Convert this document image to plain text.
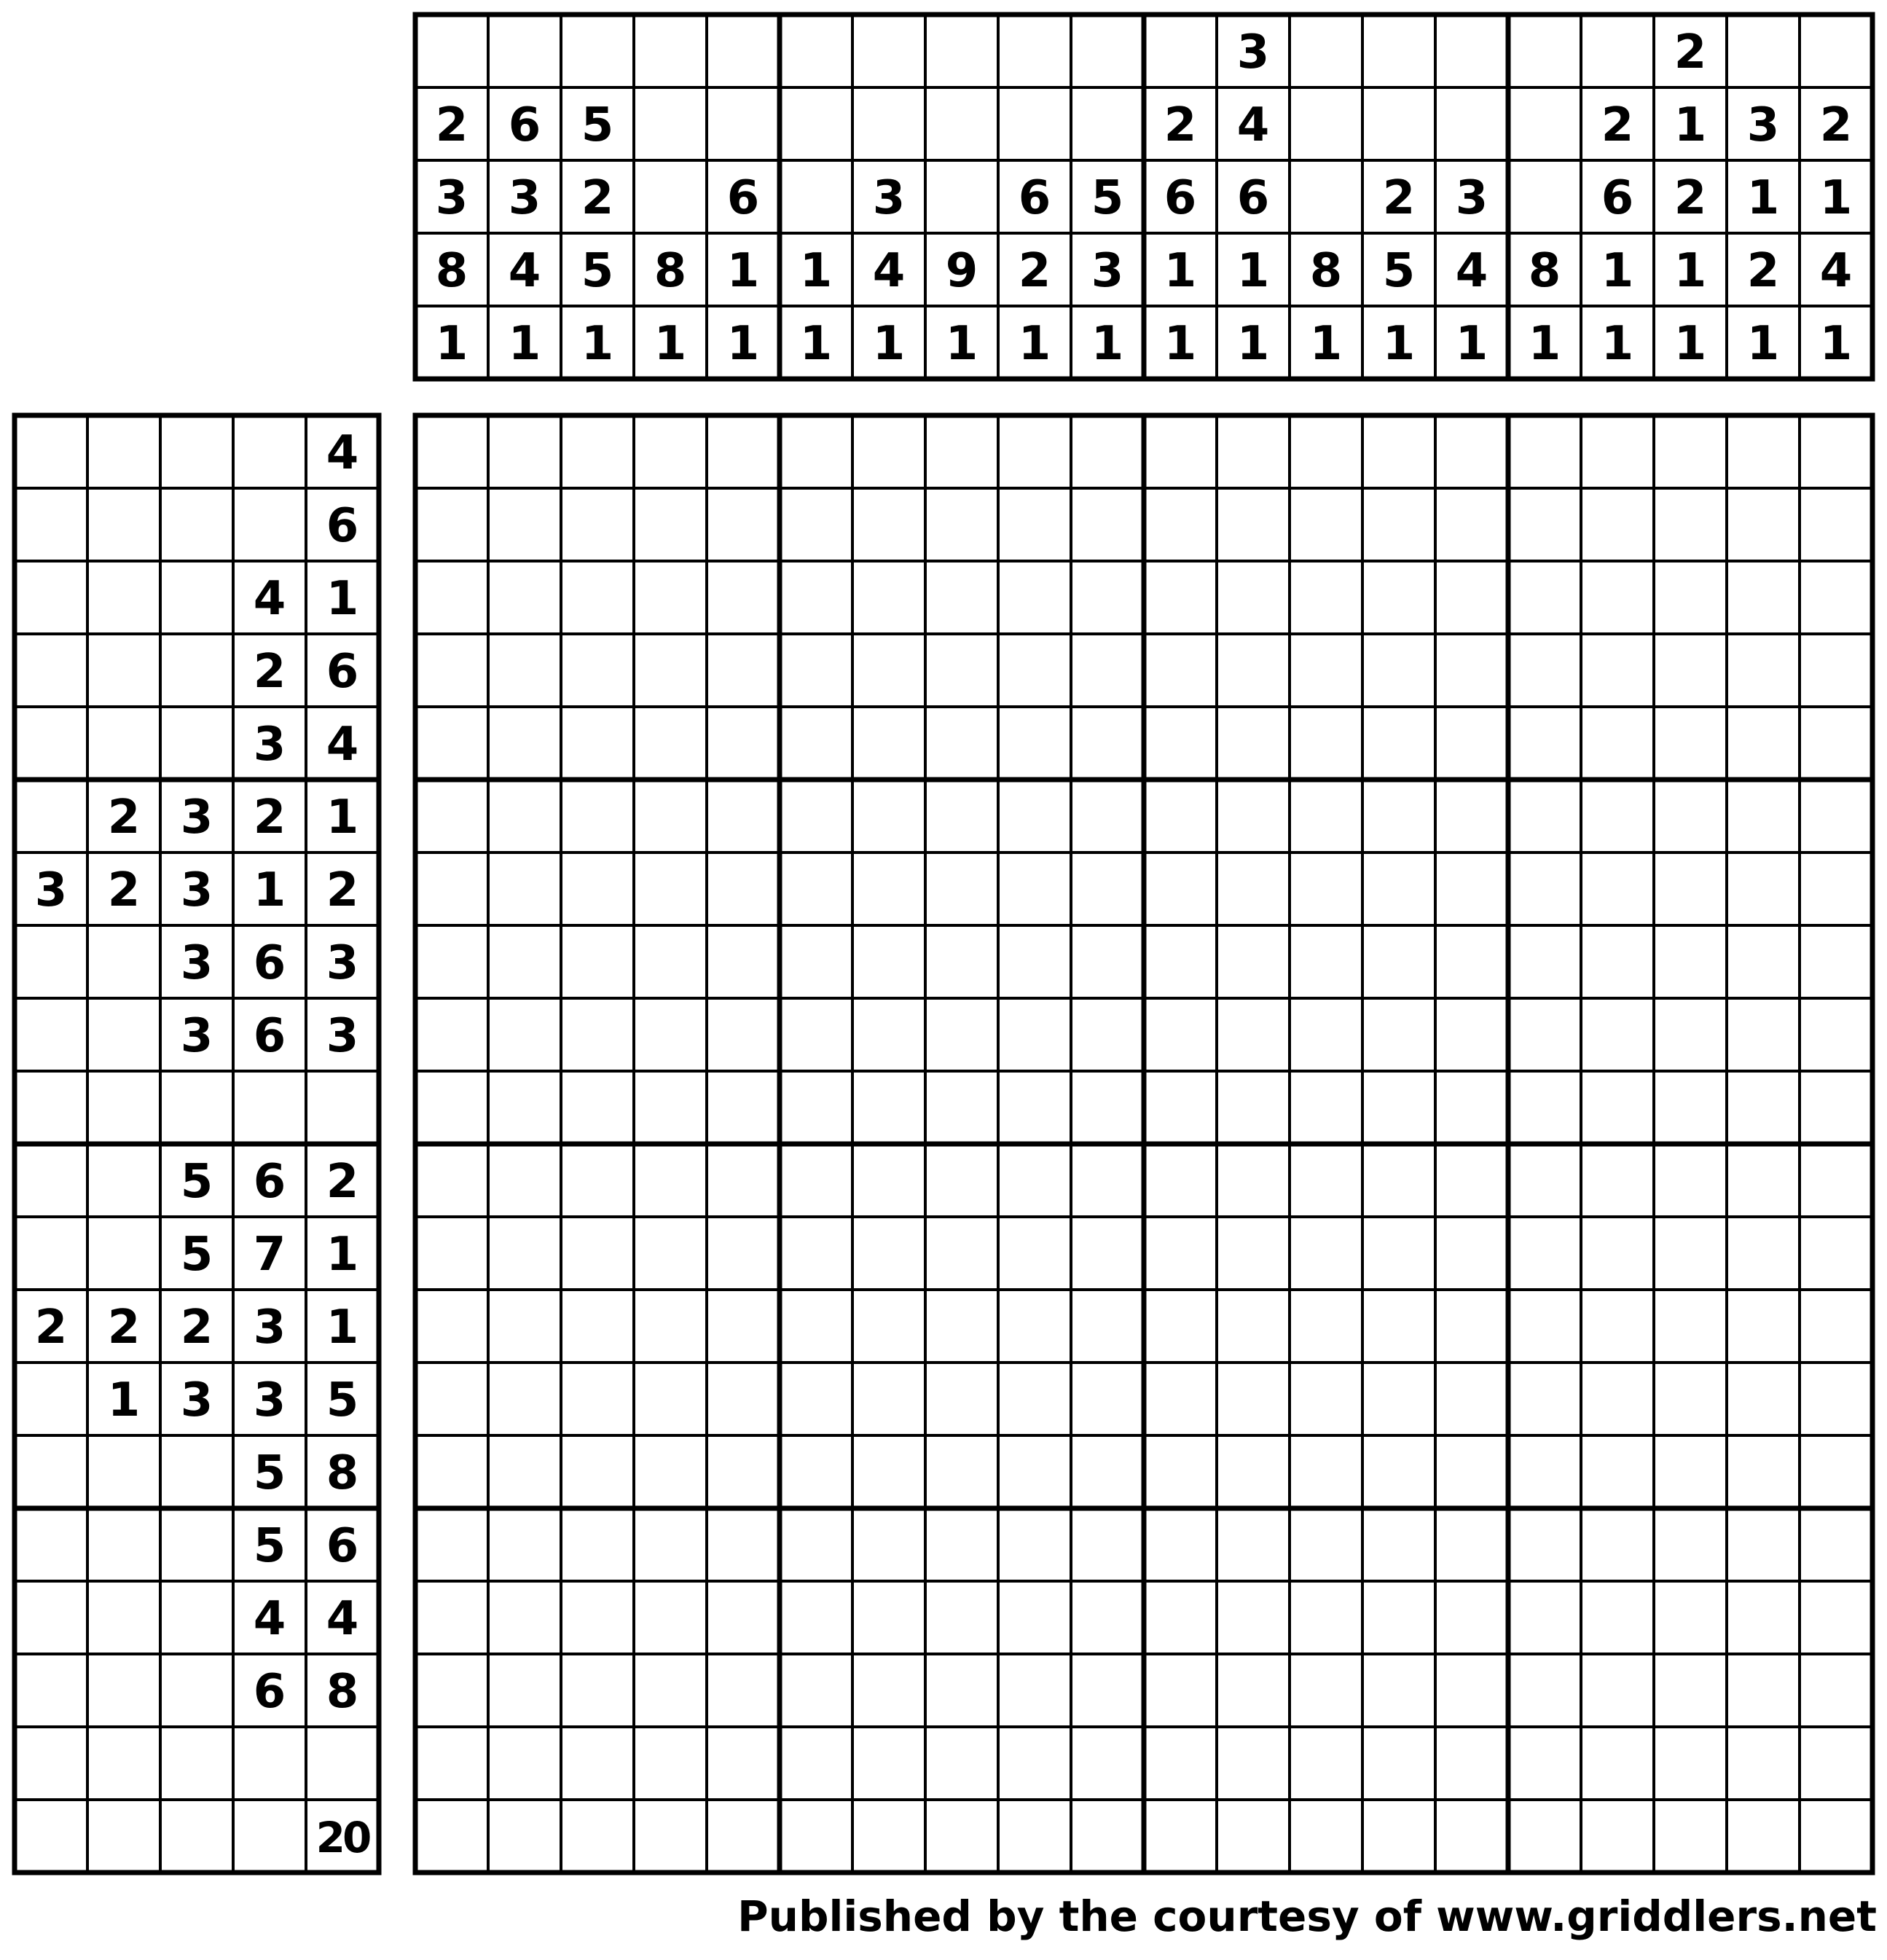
2
3
8
1
6
3
4
1
5
2
5
1
8
1
6
1
1
1
1
3
4
1
9
1
6
2
1
5
3
1
2
6
1
1
3
4
6
1
1
8
1
2
5
1
3
4
1
8
1
2
6
1
1
2
1
2
1
1
3
1
2
1
2
1
4
1
4
6
4 1
2 6
3 4
2 3 2 1
3 2 3 1 2
3 6 3
3 6 3
5 6 2
5 7 1
2 2 2 3 1
1 3 3 5
5 8
5 6
4 4
6 8
20
Published by the courtesy of www.griddlers.net
